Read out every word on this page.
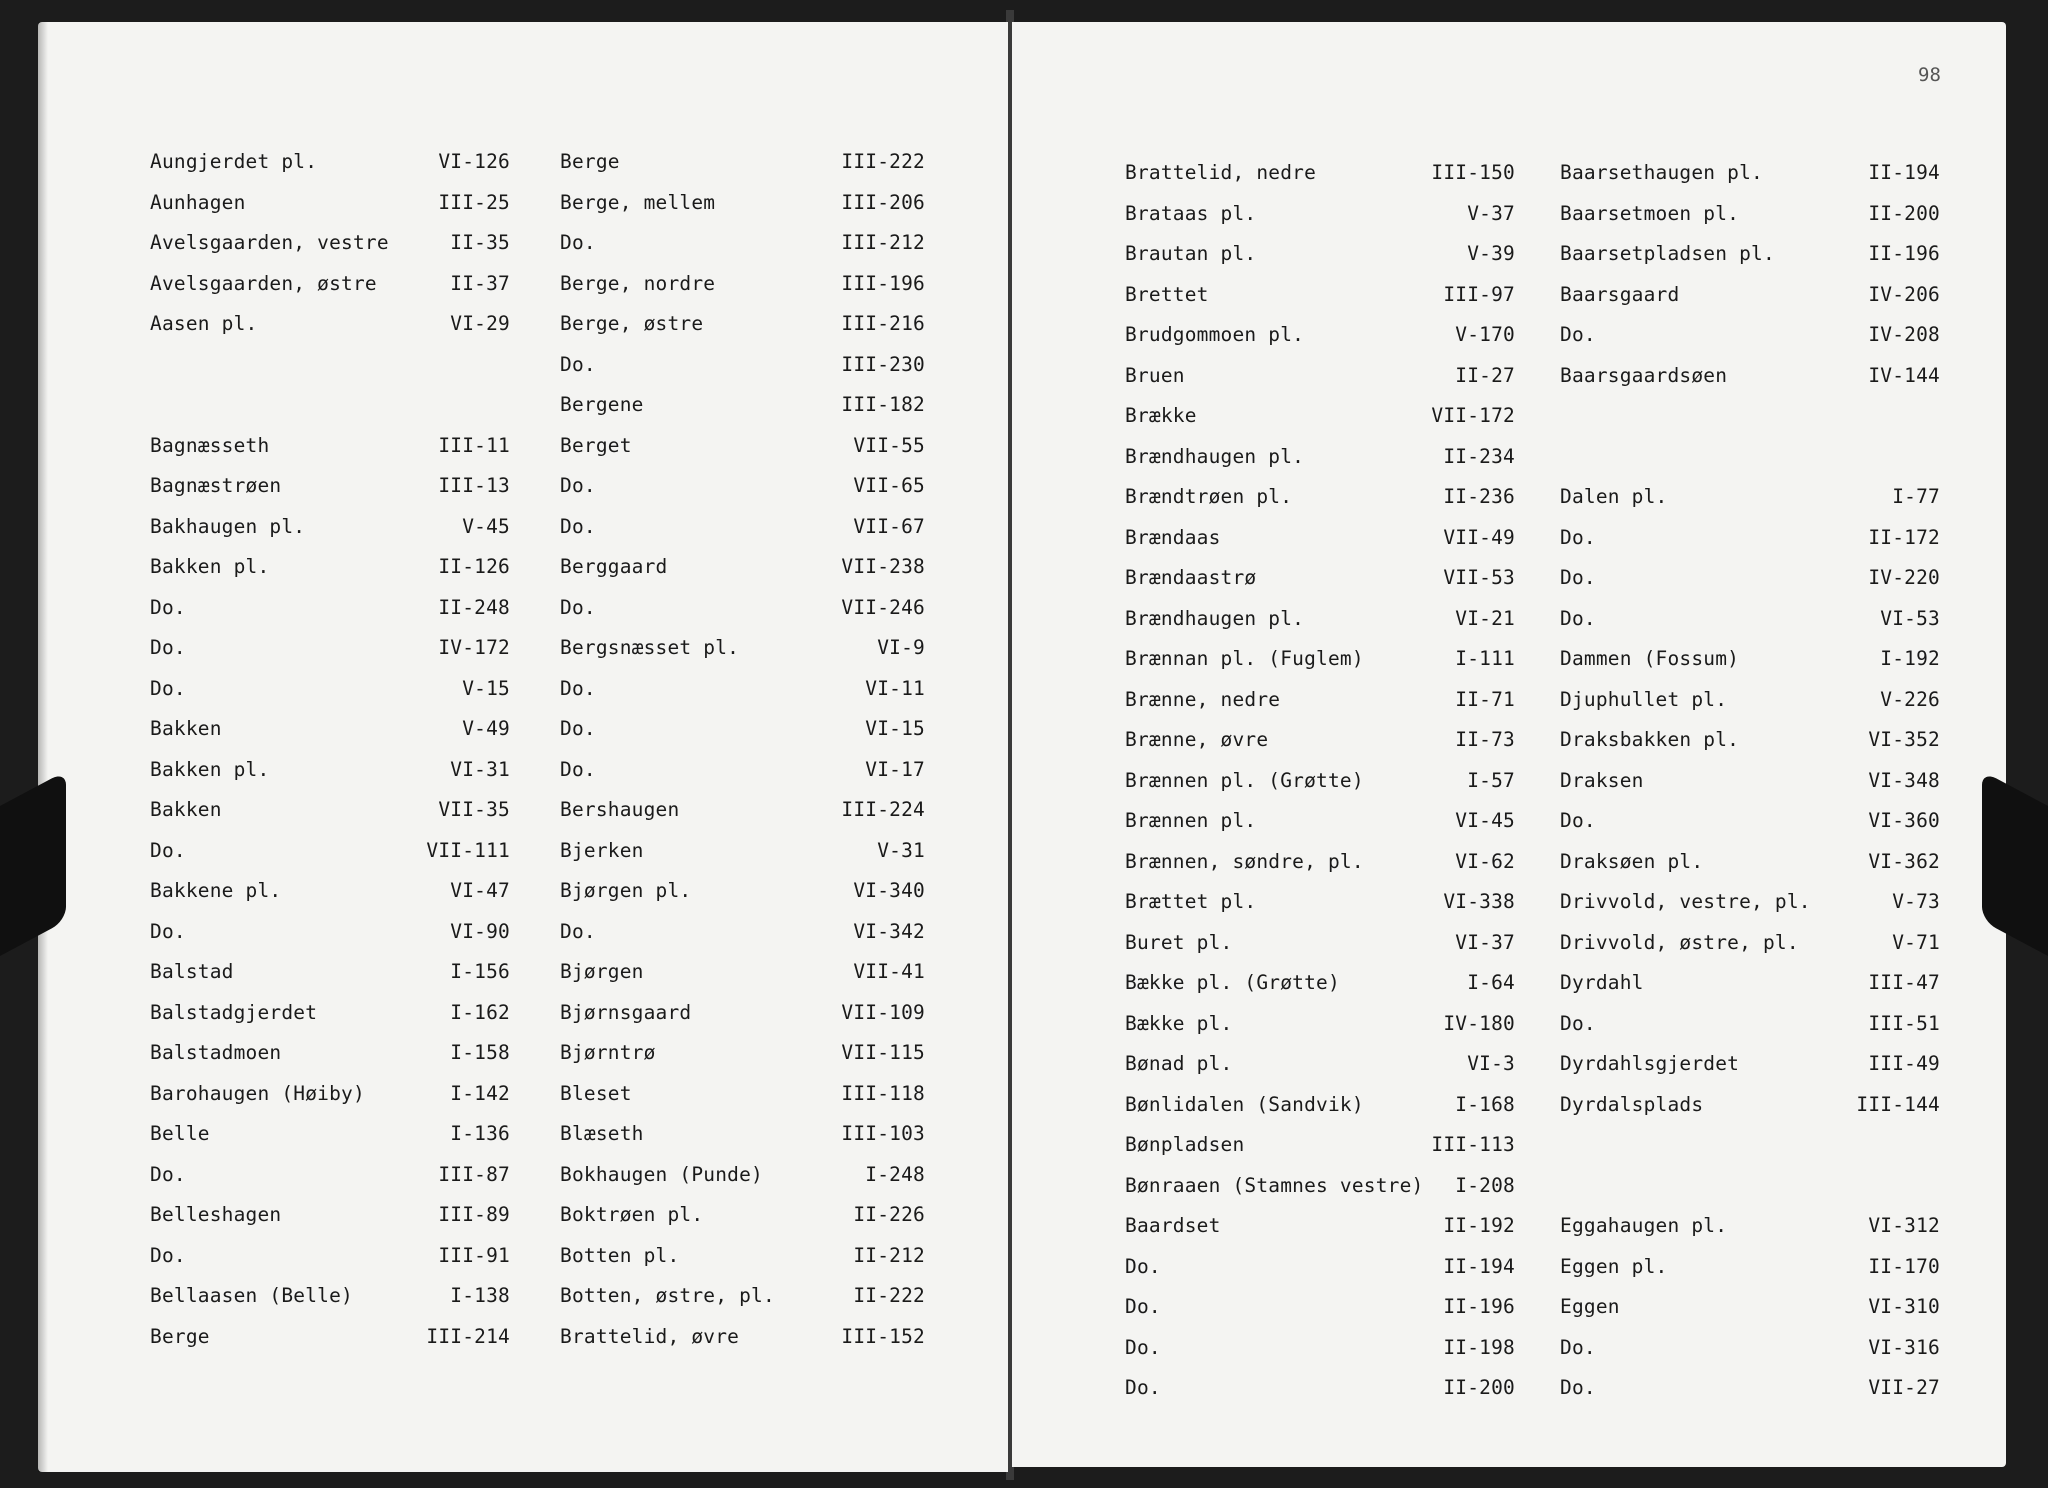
98
Aungjerdet pl.	VI-126
Aunhagen	III-25
Avelsgaarden, vestre	II-35
Avelsgaarden, østre	II-37
Aasen pl.	VI-29
Bagnæsseth	III-11
Bagnæstrøen	III-13
Bakhaugen pl.	V-45
Bakken pl.	II-126
Do.	II-248
Do.	IV-172
Do.	V-15
Bakken	V-49
Bakken pl.	VI-31
Bakken	VII-35
Do.	VII-111
Bakkene pl.	VI-47
Do.	VI-90
Balstad	I-156
Balstadgjerdet	I-162
Balstadmoen	I-158
Barohaugen (Høiby)	I-142
Belle	I-136
Do.	III-87
Belleshagen	III-89
Do.	III-91
Bellaasen (Belle)	I-138
Berge	III-214
Berge	III-222
Berge, mellem	III-206
Do.	III-212
Berge, nordre	III-196
Berge, østre	III-216
Do.	III-230
Bergene	III-182
Berget	VII-55
Do.	VII-65
Do.	VII-67
Berggaard	VII-238
Do.	VII-246
Bergsnæsset pl.	VI-9
Do.	VI-11
Do.	VI-15
Do.	VI-17
Bershaugen	III-224
Bjerken	V-31
Bjørgen pl.	VI-340
Do.	VI-342
Bjørgen	VII-41
Bjørnsgaard	VII-109
Bjørntrø	VII-115
Bleset	III-118
Blæseth	III-103
Bokhaugen (Punde)	I-248
Boktrøen pl.	II-226
Botten pl.	II-212
Botten, østre, pl.	II-222
Brattelid, øvre	III-152
Brattelid, nedre	III-150
Brataas pl.	V-37
Brautan pl.	V-39
Brettet	III-97
Brudgommoen pl.	V-170
Bruen	II-27
Brække	VII-172
Brændhaugen pl.	II-234
Brændtrøen pl.	II-236
Brændaas	VII-49
Brændaastrø	VII-53
Brændhaugen pl.	VI-21
Brænnan pl. (Fuglem)	I-111
Brænne, nedre	II-71
Brænne, øvre	II-73
Brænnen pl. (Grøtte)	I-57
Brænnen pl.	VI-45
Brænnen, søndre, pl.	VI-62
Brættet pl.	VI-338
Buret pl.	VI-37
Bække pl. (Grøtte)	I-64
Bække pl.	IV-180
Bønad pl.	VI-3
Bønlidalen (Sandvik)	I-168
Bønpladsen	III-113
Bønraaen (Stamnes vestre) I-208
Baardset	II-192
Do.	II-194
Do.	II-196
Do.	II-198
Do.	II-200
Baarsethaugen pl.	II-194
Baarsetmoen pl.	II-200
Baarsetpladsen pl.	II-196
Baarsgaard	IV-206
Do.	IV-208
Baarsgaardsøen	IV-144
Dalen pl.	I-77
Do.	II-172
Do.	IV-220
Do.	VI-53
Dammen (Fossum)	I-192
Djuphullet pl.	V-226
Draksbakken pl.	VI-352
Draksen	VI-348
Do.	VI-360
Draksøen pl.	VI-362
Drivvold, vestre, pl.	V-73
Drivvold, østre, pl.	V-71
Dyrdahl	III-47
Do.	III-51
Dyrdahlsgjerdet	III-49
Dyrdalsplads	III-144
Eggahaugen pl.	VI-312
Eggen pl.	II-170
Eggen	VI-310
Do.	VI-316
Do.	VII-27
